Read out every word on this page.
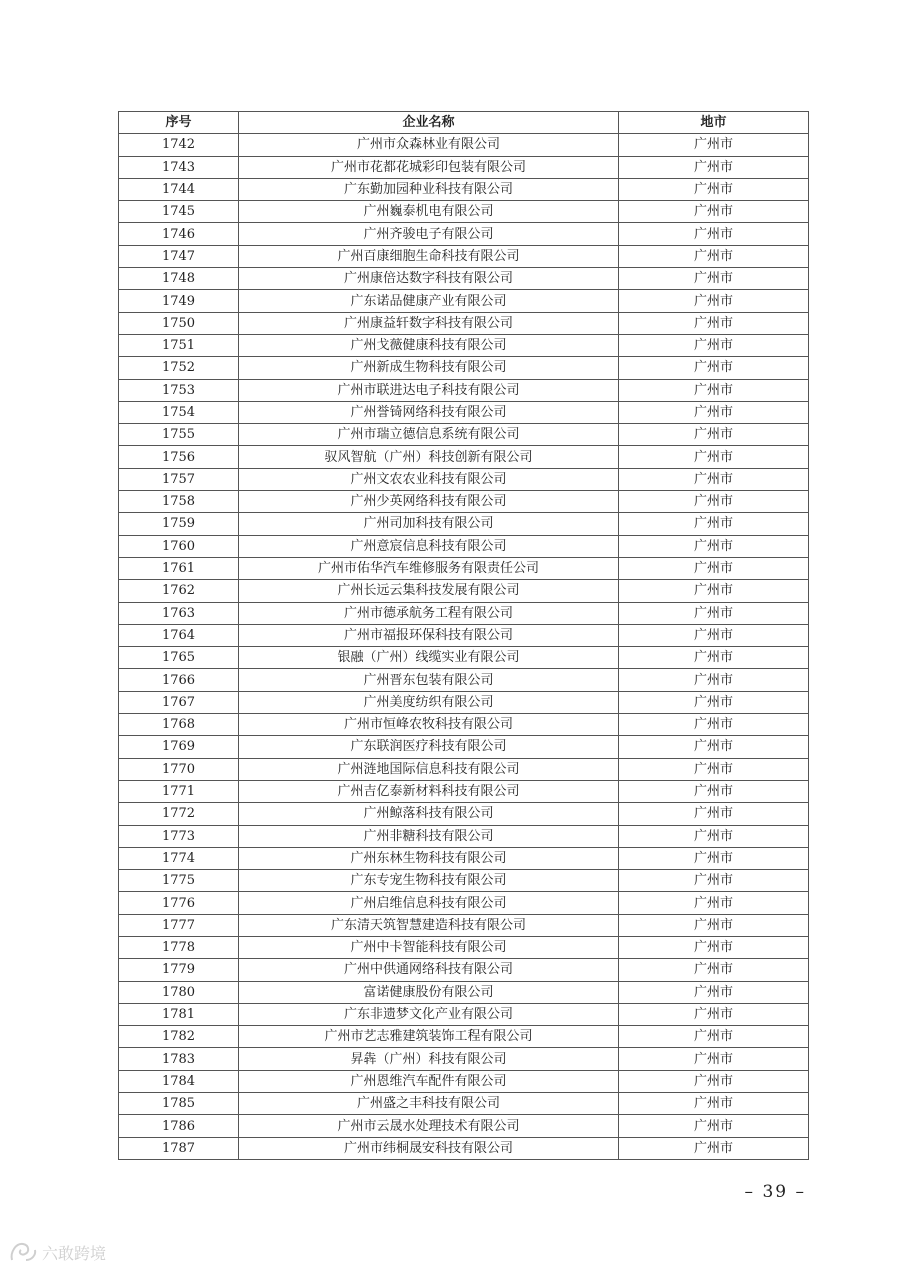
序号	企业名称	地市
1742	广州市众森林业有限公司	广州市
1743	广州市花都花城彩印包装有限公司	广州市
1744	广东勤加园种业科技有限公司	广州市
1745	广州巍泰机电有限公司	广州市
1746	广州齐骏电子有限公司	广州市
1747	广州百康细胞生命科技有限公司	广州市
1748	广州康倍达数字科技有限公司	广州市
1749	广东诺品健康产业有限公司	广州市
1750	广州康益轩数字科技有限公司	广州市
1751	广州戈薇健康科技有限公司	广州市
1752	广州新成生物科技有限公司	广州市
1753	广州市联进达电子科技有限公司	广州市
1754	广州誉锜网络科技有限公司	广州市
1755	广州市瑞立德信息系统有限公司	广州市
1756	驭风智航（广州）科技创新有限公司	广州市
1757	广州文农农业科技有限公司	广州市
1758	广州少英网络科技有限公司	广州市
1759	广州司加科技有限公司	广州市
1760	广州意宸信息科技有限公司	广州市
1761	广州市佑华汽车维修服务有限责任公司	广州市
1762	广州长远云集科技发展有限公司	广州市
1763	广州市德承航务工程有限公司	广州市
1764	广州市福报环保科技有限公司	广州市
1765	银融（广州）线缆实业有限公司	广州市
1766	广州晋东包装有限公司	广州市
1767	广州美度纺织有限公司	广州市
1768	广州市恒峰农牧科技有限公司	广州市
1769	广东联润医疗科技有限公司	广州市
1770	广州涟地国际信息科技有限公司	广州市
1771	广州吉亿泰新材料科技有限公司	广州市
1772	广州鲸落科技有限公司	广州市
1773	广州非糖科技有限公司	广州市
1774	广州东林生物科技有限公司	广州市
1775	广东专宠生物科技有限公司	广州市
1776	广州启维信息科技有限公司	广州市
1777	广东清天筑智慧建造科技有限公司	广州市
1778	广州中卡智能科技有限公司	广州市
1779	广州中供通网络科技有限公司	广州市
1780	富诺健康股份有限公司	广州市
1781	广东非遗梦文化产业有限公司	广州市
1782	广州市艺志雅建筑装饰工程有限公司	广州市
1783	昇犇（广州）科技有限公司	广州市
1784	广州恩维汽车配件有限公司	广州市
1785	广州盛之丰科技有限公司	广州市
1786	广州市云晟水处理技术有限公司	广州市
1787	广州市纬桐晟安科技有限公司	广州市
– 39 –
六敢跨境
